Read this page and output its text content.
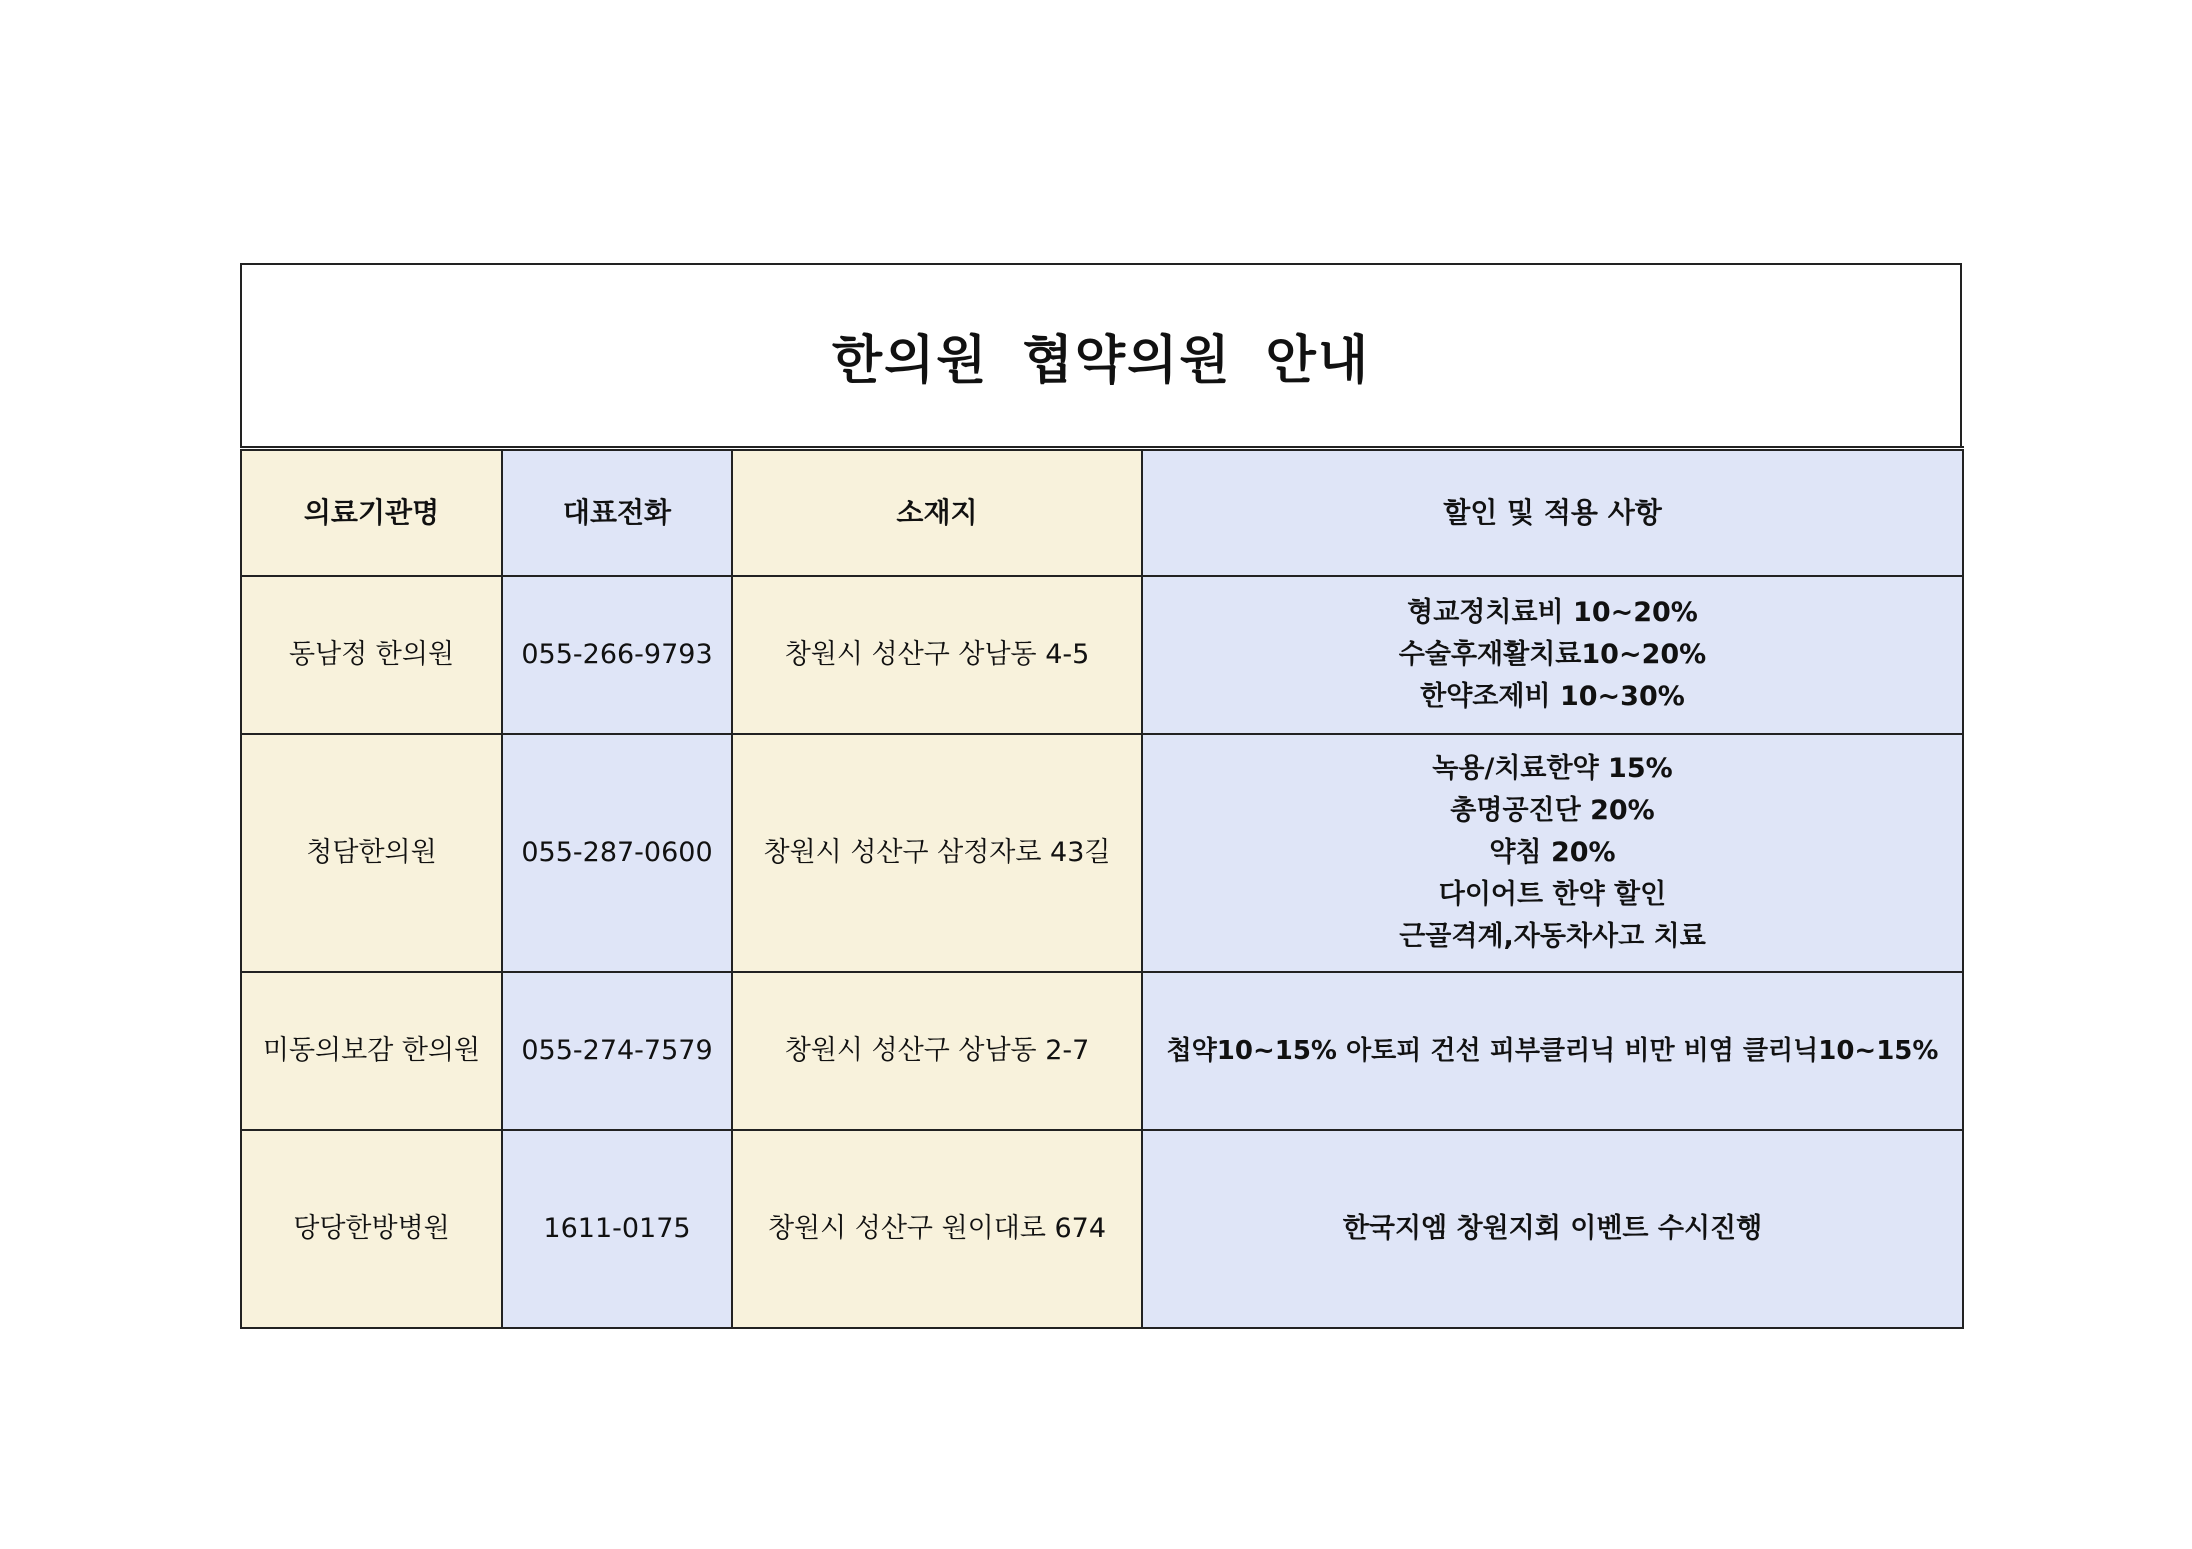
한의원 협약의원 안내
의료기관명	대표전화	소재지	할인 및 적용 사항
동남정 한의원	055-266-9793	창원시 성산구 상남동 4-5	형교정치료비 10~20%
수술후재활치료10~20%
한약조제비 10~30%

청담한의원	055-287-0600	창원시 성산구 삼정자로 43길	녹용/치료한약 15%
총명공진단 20%
약침 20%
다이어트 한약 할인
근골격계,자동차사고 치료

미동의보감 한의원	055-274-7579	창원시 성산구 상남동 2-7	첩약10~15% 아토피 건선 피부클리닉 비만 비염 클리닉10~15%

당당한방병원	1611-0175	창원시 성산구 원이대로 674	한국지엠 창원지회 이벤트 수시진행
